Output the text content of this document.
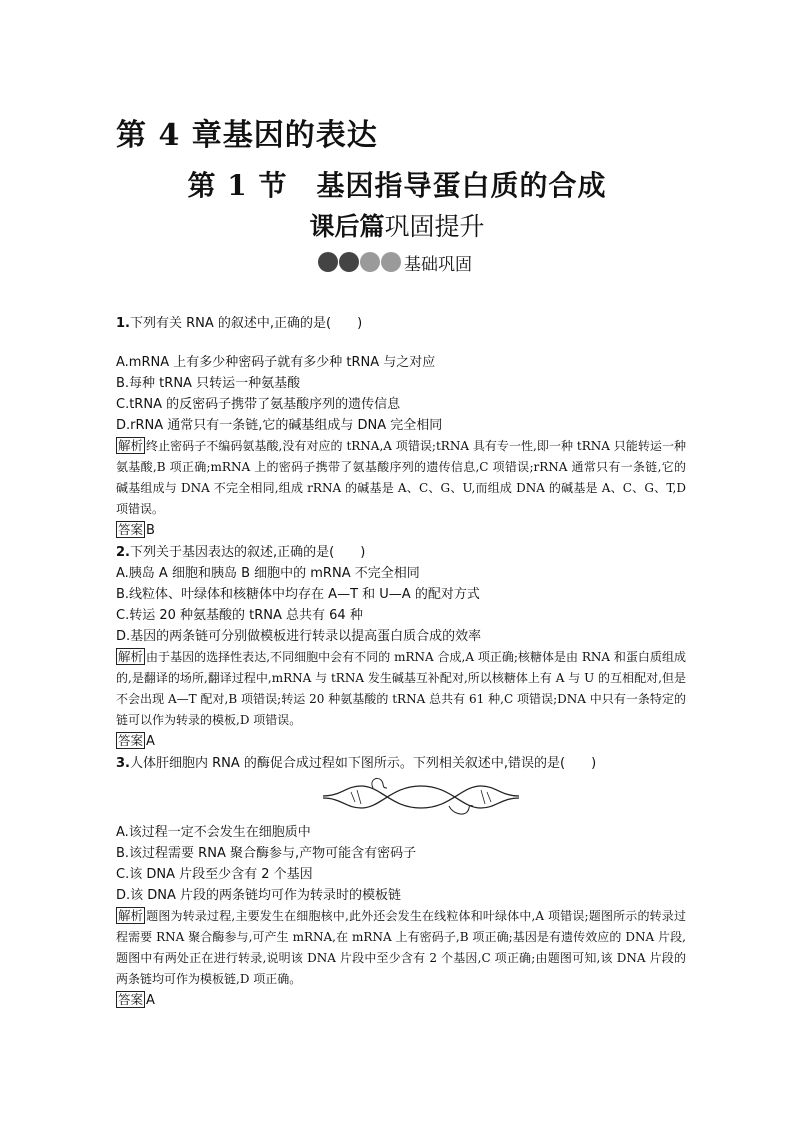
第 4 章基因的表达
第 1 节　基因指导蛋白质的合成
课后篇巩固提升
基础巩固
1.下列有关 RNA 的叙述中,正确的是(　　)
A.mRNA 上有多少种密码子就有多少种 tRNA 与之对应
B.每种 tRNA 只转运一种氨基酸
C.tRNA 的反密码子携带了氨基酸序列的遗传信息
D.rRNA 通常只有一条链,它的碱基组成与 DNA 完全相同
解析 终止密码子不编码氨基酸,没有对应的 tRNA,A 项错误;tRNA 具有专一性,即一种 tRNA 只能转运一种氨基酸,B 项正确;mRNA 上的密码子携带了氨基酸序列的遗传信息,C 项错误;rRNA 通常只有一条链,它的碱基组成与 DNA 不完全相同,组成 rRNA 的碱基是 A、C、G、U,而组成 DNA 的碱基是 A、C、G、T,D 项错误。
答案 B
2.下列关于基因表达的叙述,正确的是(　　)
A.胰岛 A 细胞和胰岛 B 细胞中的 mRNA 不完全相同
B.线粒体、叶绿体和核糖体中均存在 A—T 和 U—A 的配对方式
C.转运 20 种氨基酸的 tRNA 总共有 64 种
D.基因的两条链可分别做模板进行转录以提高蛋白质合成的效率
解析 由于基因的选择性表达,不同细胞中会有不同的 mRNA 合成,A 项正确;核糖体是由 RNA 和蛋白质组成的,是翻译的场所,翻译过程中,mRNA 与 tRNA 发生碱基互补配对,所以核糖体上有 A 与 U 的互相配对,但是不会出现 A—T 配对,B 项错误;转运 20 种氨基酸的 tRNA 总共有 61 种,C 项错误;DNA 中只有一条特定的链可以作为转录的模板,D 项错误。
答案 A
3.人体肝细胞内 RNA 的酶促合成过程如下图所示。下列相关叙述中,错误的是(　　)
A.该过程一定不会发生在细胞质中
B.该过程需要 RNA 聚合酶参与,产物可能含有密码子
C.该 DNA 片段至少含有 2 个基因
D.该 DNA 片段的两条链均可作为转录时的模板链
解析 题图为转录过程,主要发生在细胞核中,此外还会发生在线粒体和叶绿体中,A 项错误;题图所示的转录过程需要 RNA 聚合酶参与,可产生 mRNA,在 mRNA 上有密码子,B 项正确;基因是有遗传效应的 DNA 片段,题图中有两处正在进行转录,说明该 DNA 片段中至少含有 2 个基因,C 项正确;由题图可知,该 DNA 片段的两条链均可作为模板链,D 项正确。
答案 A
